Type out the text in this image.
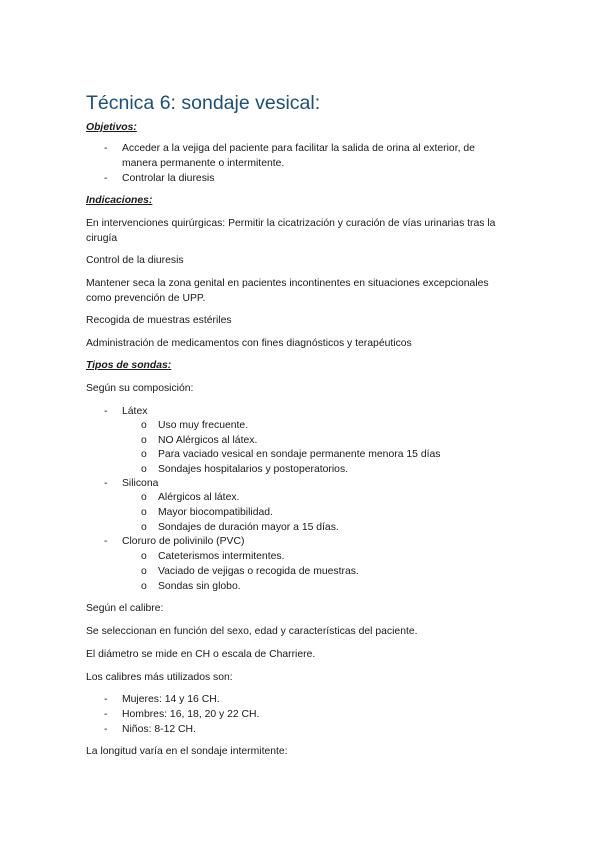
Técnica 6: sondaje vesical:
Objetivos:
- Acceder a la vejiga del paciente para facilitar la salida de orina al exterior, de
manera permanente o intermitente.
- Controlar la diuresis
Indicaciones:
En intervenciones quirúrgicas: Permitir la cicatrización y curación de vías urinarias tras la
cirugía
Control de la diuresis
Mantener seca la zona genital en pacientes incontinentes en situaciones excepcionales
como prevención de UPP.
Recogida de muestras estériles
Administración de medicamentos con fines diagnósticos y terapéuticos
Tipos de sondas:
Según su composición:
- Látex
o Uso muy frecuente.
o NO Alérgicos al látex.
o Para vaciado vesical en sondaje permanente menora 15 días
o Sondajes hospitalarios y postoperatorios.
- Silicona
o Alérgicos al látex.
o Mayor biocompatibilidad.
o Sondajes de duración mayor a 15 días.
- Cloruro de polivinilo (PVC)
o Cateterismos intermitentes.
o Vaciado de vejigas o recogida de muestras.
o Sondas sin globo.
Según el calibre:
Se seleccionan en función del sexo, edad y características del paciente.
El diámetro se mide en CH o escala de Charriere.
Los calibres más utilizados son:
- Mujeres: 14 y 16 CH.
- Hombres: 16, 18, 20 y 22 CH.
- Niños: 8-12 CH.
La longitud varía en el sondaje intermitente:
